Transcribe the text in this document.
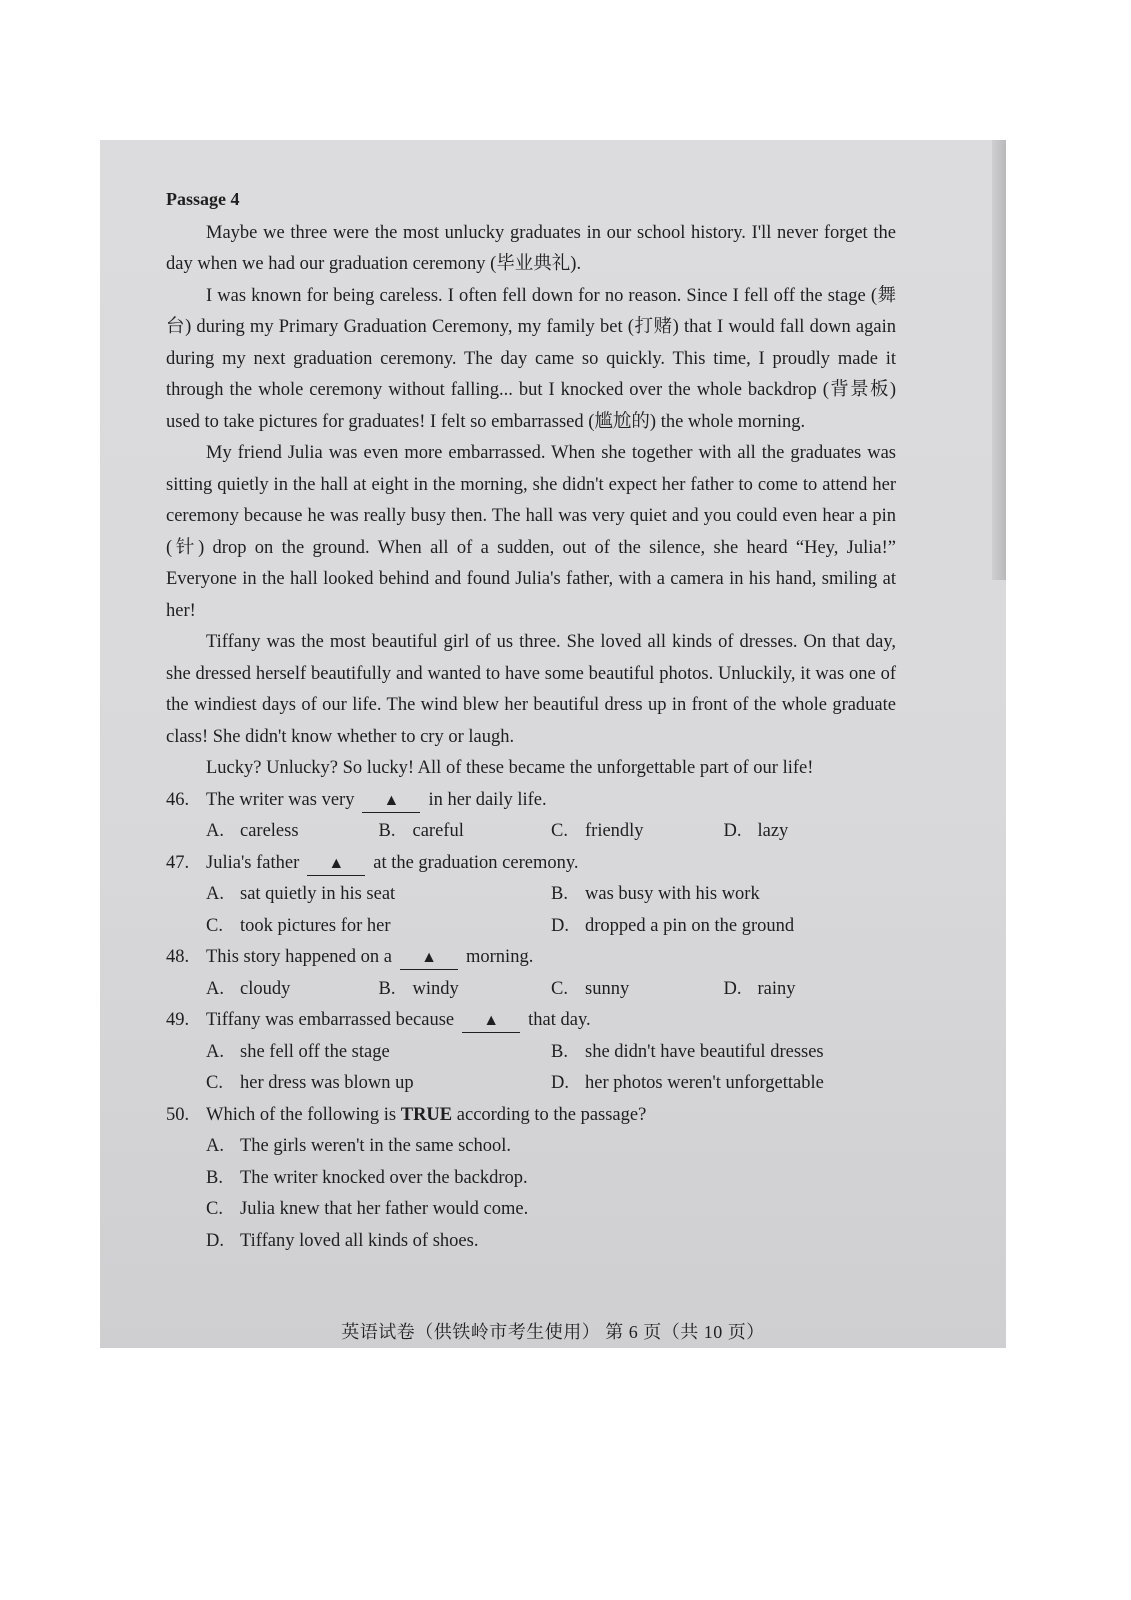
Passage 4

Maybe we three were the most unlucky graduates in our school history. I'll never forget the day when we had our graduation ceremony (毕业典礼).

I was known for being careless. I often fell down for no reason. Since I fell off the stage (舞台) during my Primary Graduation Ceremony, my family bet (打赌) that I would fall down again during my next graduation ceremony. The day came so quickly. This time, I proudly made it through the whole ceremony without falling... but I knocked over the whole backdrop (背景板) used to take pictures for graduates! I felt so embarrassed (尴尬的) the whole morning.

My friend Julia was even more embarrassed. When she together with all the graduates was sitting quietly in the hall at eight in the morning, she didn't expect her father to come to attend her ceremony because he was really busy then. The hall was very quiet and you could even hear a pin (针) drop on the ground. When all of a sudden, out of the silence, she heard “Hey, Julia!” Everyone in the hall looked behind and found Julia's father, with a camera in his hand, smiling at her!

Tiffany was the most beautiful girl of us three. She loved all kinds of dresses. On that day, she dressed herself beautifully and wanted to have some beautiful photos. Unluckily, it was one of the windiest days of our life. The wind blew her beautiful dress up in front of the whole graduate class! She didn't know whether to cry or laugh.

Lucky? Unlucky? So lucky! All of these became the unforgettable part of our life!

46. The writer was very ▲ in her daily life.

A. careless	B. careful	C. friendly	D. lazy

47. Julia's father ▲ at the graduation ceremony.

A. sat quietly in his seat	B. was busy with his work
C. took pictures for her	D. dropped a pin on the ground

48. This story happened on a ▲ morning.

A. cloudy	B. windy	C. sunny	D. rainy

49. Tiffany was embarrassed because ▲ that day.

A. she fell off the stage	B. she didn't have beautiful dresses
C. her dress was blown up	D. her photos weren't unforgettable

50. Which of the following is TRUE according to the passage?

A. The girls weren't in the same school.

B. The writer knocked over the backdrop.

C. Julia knew that her father would come.

D. Tiffany loved all kinds of shoes.

英语试卷（供铁岭市考生使用） 第 6 页（共 10 页）
